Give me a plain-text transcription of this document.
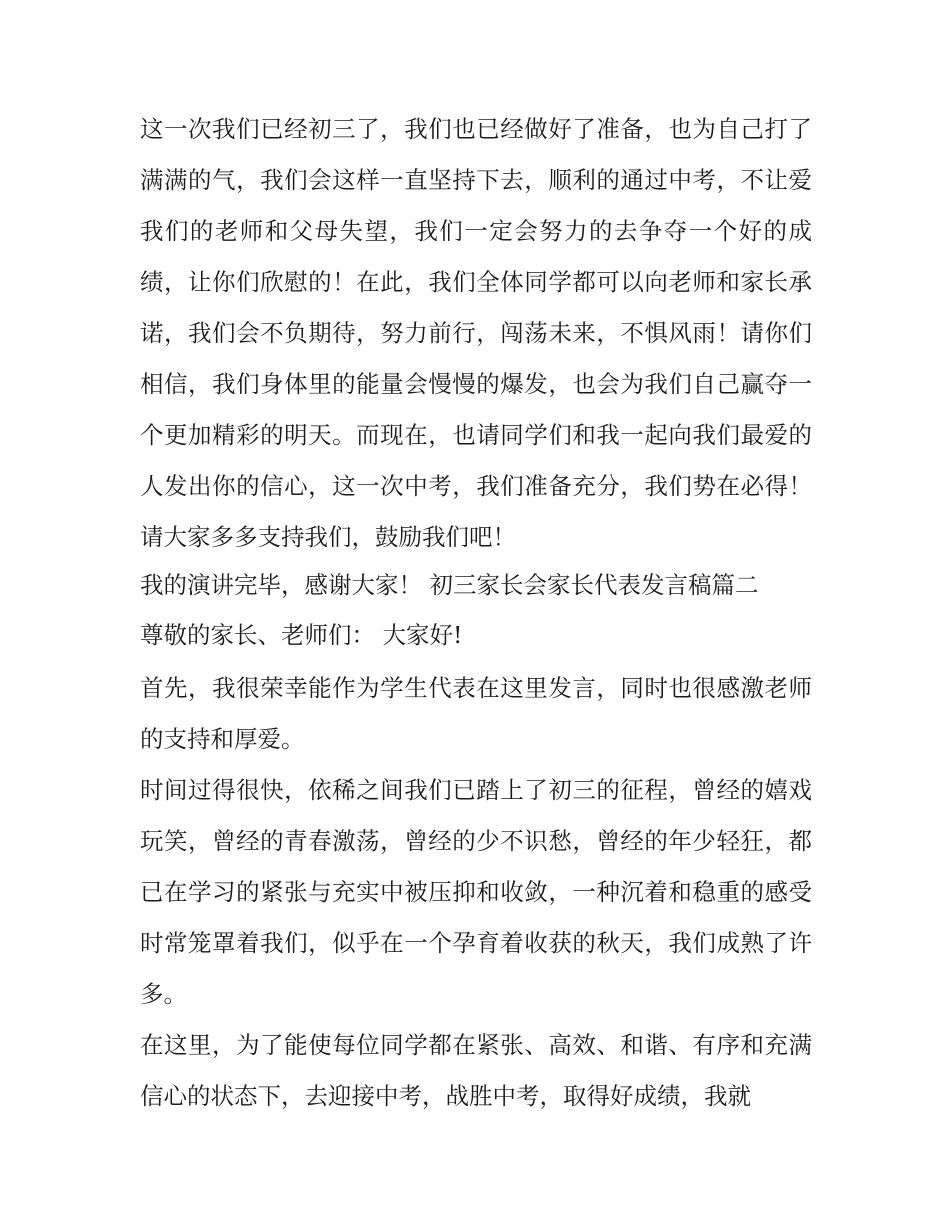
这一次我们已经初三了，我们也已经做好了准备，也为自己打了满满的气，我们会这样一直坚持下去，顺利的通过中考，不让爱我们的老师和父母失望，我们一定会努力的去争夺一个好的成绩，让你们欣慰的！在此，我们全体同学都可以向老师和家长承诺，我们会不负期待，努力前行，闯荡未来，不惧风雨！请你们相信，我们身体里的能量会慢慢的爆发，也会为我们自己赢夺一个更加精彩的明天。而现在，也请同学们和我一起向我们最爱的人发出你的信心，这一次中考，我们准备充分，我们势在必得！请大家多多支持我们，鼓励我们吧！

我的演讲完毕，感谢大家！ 初三家长会家长代表发言稿篇二

尊敬的家长、老师们： 大家好!

首先，我很荣幸能作为学生代表在这里发言，同时也很感激老师的支持和厚爱。

时间过得很快，依稀之间我们已踏上了初三的征程，曾经的嬉戏玩笑，曾经的青春激荡，曾经的少不识愁，曾经的年少轻狂，都已在学习的紧张与充实中被压抑和收敛，一种沉着和稳重的感受时常笼罩着我们，似乎在一个孕育着收获的秋天，我们成熟了许多。

在这里，为了能使每位同学都在紧张、高效、和谐、有序和充满信心的状态下，去迎接中考，战胜中考，取得好成绩，我就
